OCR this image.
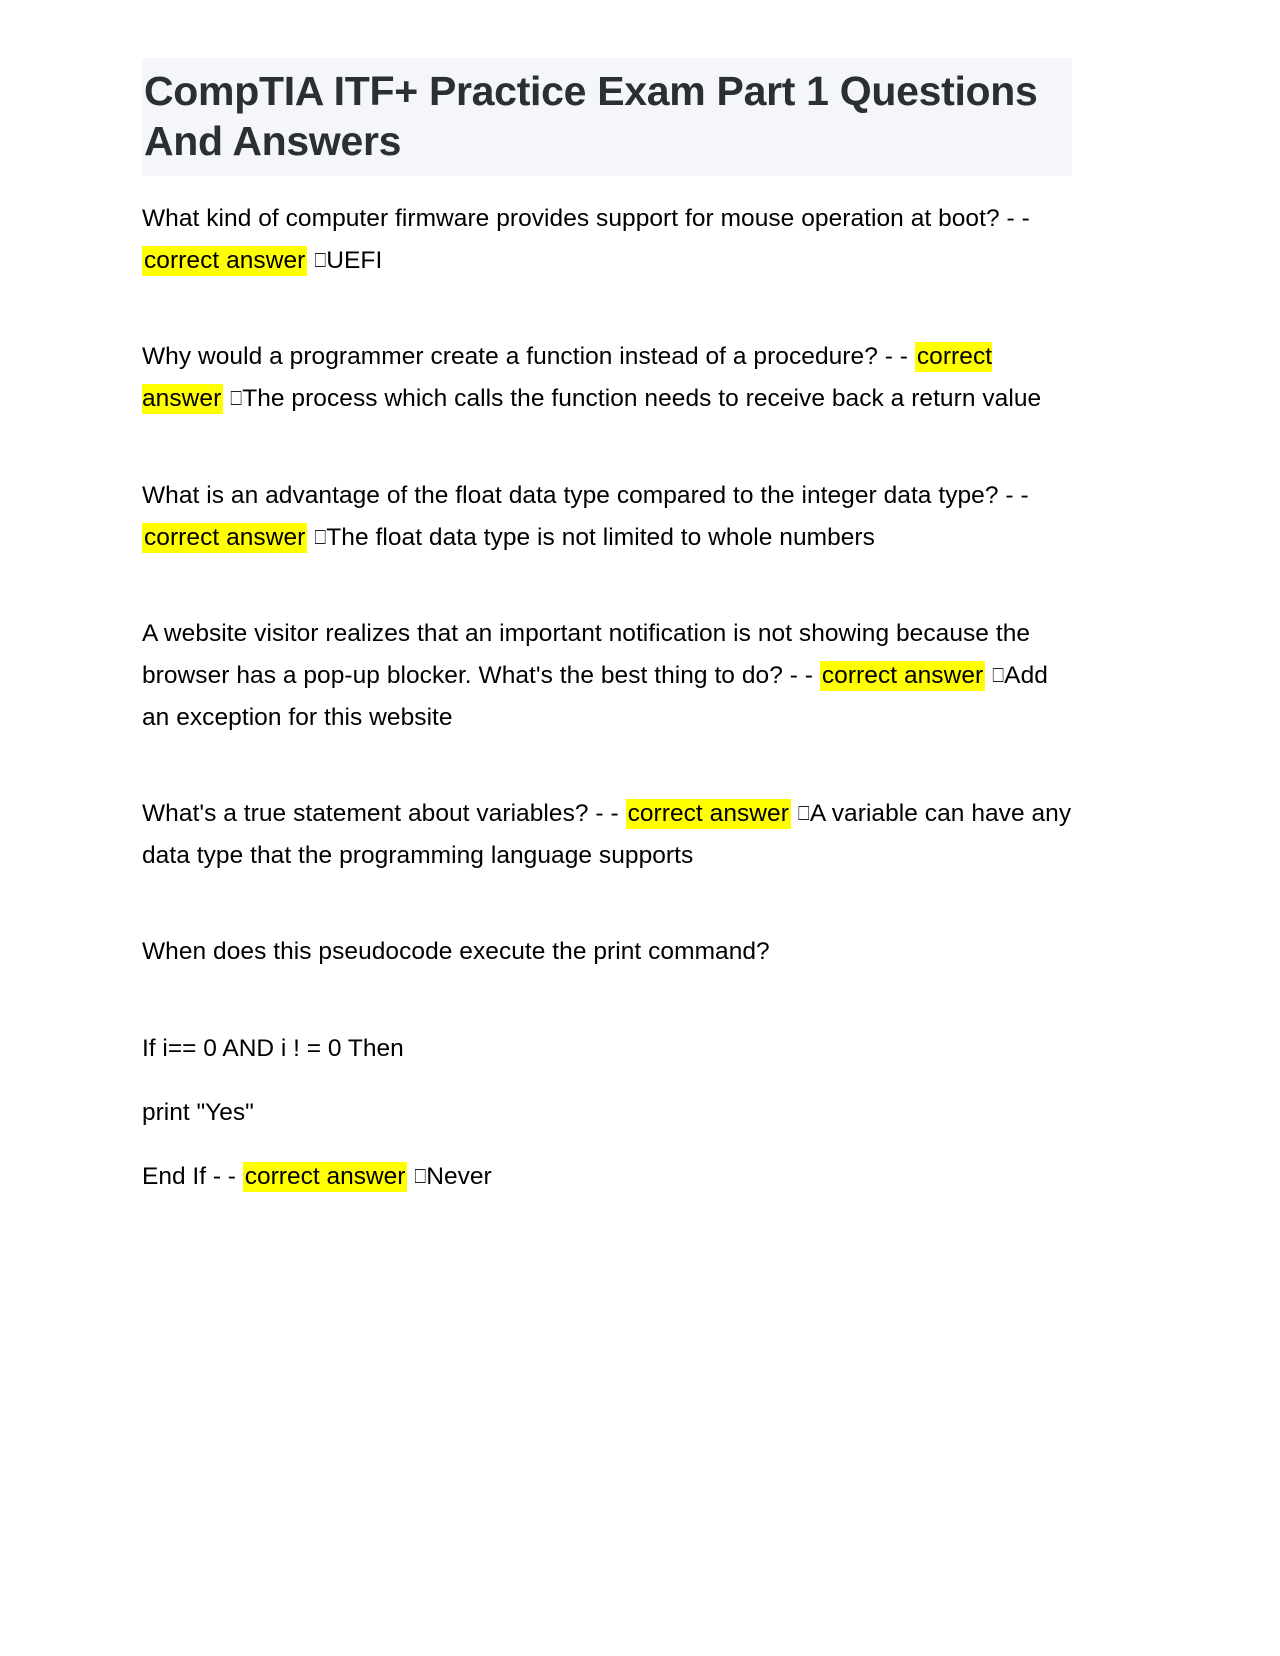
CompTIA ITF+ Practice Exam Part 1 Questions And Answers

What kind of computer firmware provides support for mouse operation at boot? - - correct answer ⎕UEFI

Why would a programmer create a function instead of a procedure? - - correct answer ⎕The process which calls the function needs to receive back a return value

What is an advantage of the float data type compared to the integer data type? - - correct answer ⎕The float data type is not limited to whole numbers

A website visitor realizes that an important notification is not showing because the browser has a pop-up blocker. What's the best thing to do? - - correct answer ⎕Add an exception for this website

What's a true statement about variables? - - correct answer ⎕A variable can have any data type that the programming language supports

When does this pseudocode execute the print command?

If i== 0 AND i ! = 0 Then
print "Yes"
End If - - correct answer ⎕Never
